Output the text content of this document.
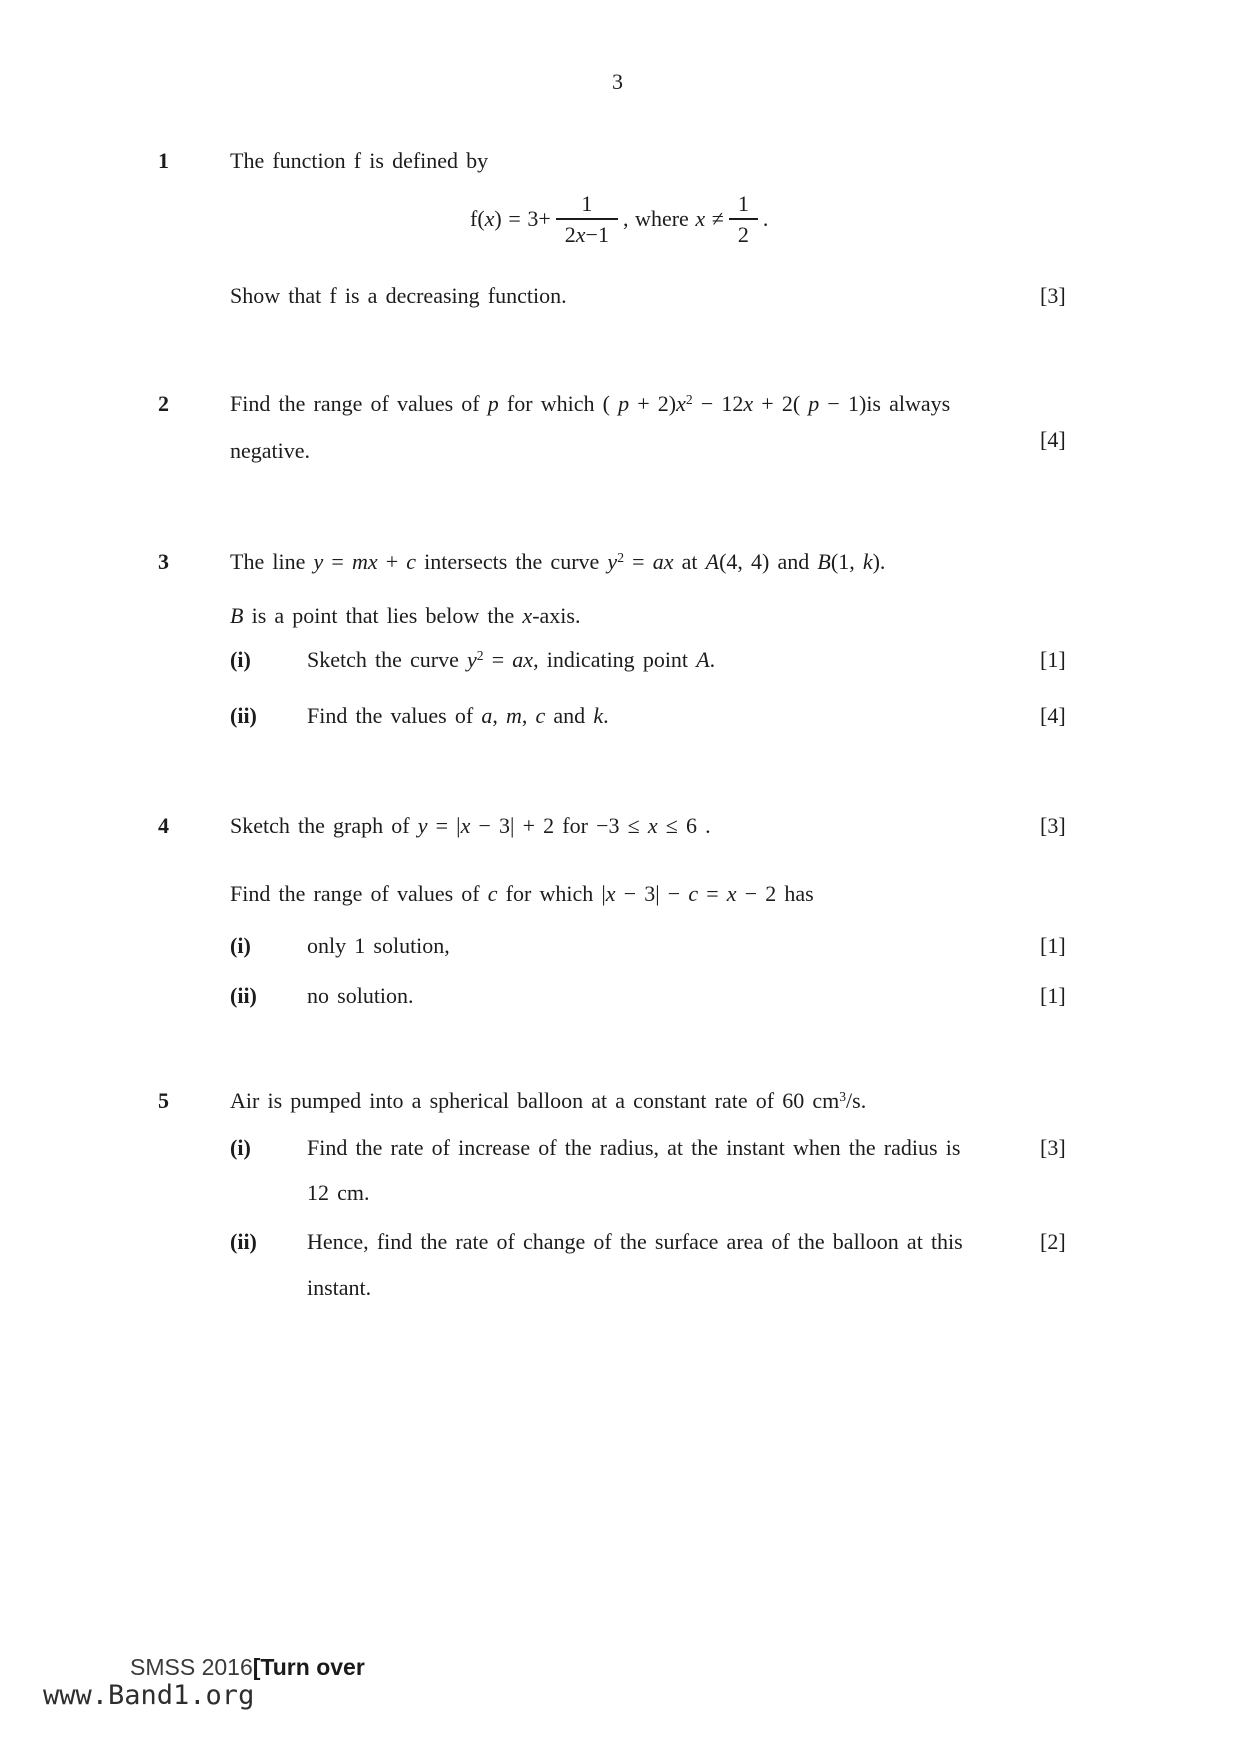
3
1	The function f is defined by
$f(x) = 3+ \frac{1}{2x-1}$ , where $x \ne \frac{1}{2}$ .
Show that f is a decreasing function.	[3]
2	Find the range of values of p for which ( $p + 2)x^2 - 12x + 2$( p − 1)is always
[4]
negative.
3	The line y = mx + c intersects the curve $y^2$ = ax at A(4, 4) and B(1, k).
B is a point that lies below the x-axis.
(i)	Sketch the curve $y^2$ = ax, indicating point A.	[1]
(ii) Find the values of a, m, c and k.	[4]
4	Sketch the graph of y = |x − 3| + 2 for −3 ≤ x ≤ 6 .	[3]
Find the range of values of c for which |x − 3| − c = x − 2 has
(i)	only 1 solution,	[1]
(ii) no solution.	[1]
5	Air is pumped into a spherical balloon at a constant rate of 60 $cm^3/s$.
(i)	Find the rate of increase of the radius, at the instant when the radius is	[3]
12 cm.
(ii) Hence, find the rate of change of the surface area of the balloon at this	[2]
instant.
SMSS 2016[Turn over
www.Band1.org
